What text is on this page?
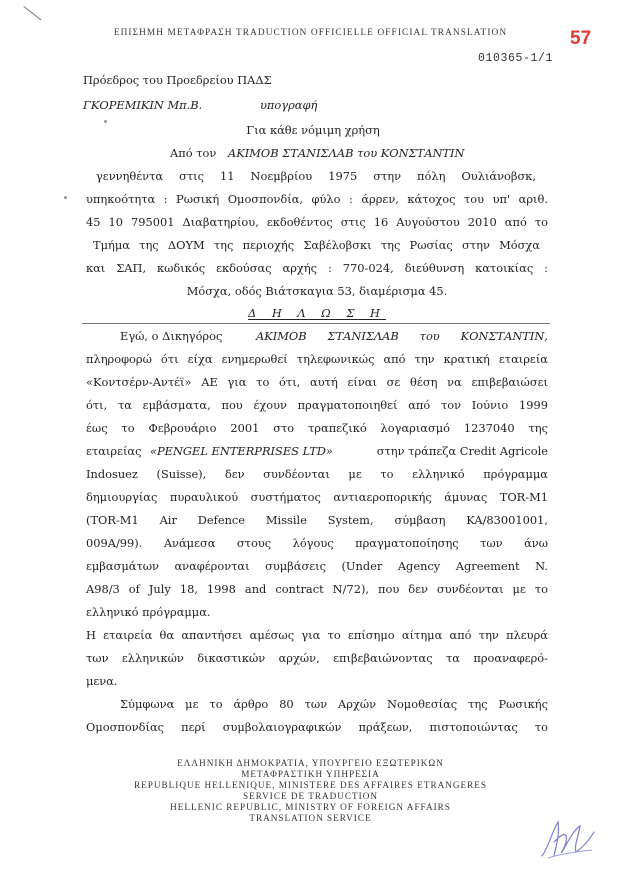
ΕΠΙΣΗΜΗ ΜΕΤΑΦΡΑΣΗ TRADUCTION OFFICIELLE OFFICIAL TRANSLATION	57
010365-1/1
Πρόεδρος του Προεδρείου ΠΑΔΣ
ΓΚΟΡΕΜΙΚΙΝ Μπ.Β.	υπογραφή
Για κάθε νόμιμη χρήση
Από τον ΑΚΙΜΟΒ ΣΤΑΝΙΣΛΑΒ του ΚΟΝΣΤΑΝΤΙΝ
γεννηθέντα στις 11 Νοεμβρίου 1975 στην πόλη Ουλιάνοβσκ,
υπηκοότητα : Ρωσική Ομοσπονδία, φύλο : άρρεν, κάτοχος του υπ' αριθ.
45 10 795001 Διαβατηρίου, εκδοθέντος στις 16 Αυγούστου 2010 από το
Τμήμα της ΔΟΥΜ της περιοχής Σαβέλοβσκι της Ρωσίας στην Μόσχα
και ΣΑΠ, κωδικός εκδούσας αρχής : 770-024, διεύθυνση κατοικίας :
Μόσχα, οδός Βιάτσκαγια 53, διαμέρισμα 45.
Δ Η Λ Ω Σ Η
Εγώ, ο Δικηγόρος	ΑΚΙΜΟΒ ΣΤΑΝΙΣΛΑΒ του ΚΟΝΣΤΑΝΤΙΝ,
πληροφορώ ότι είχα ενημερωθεί τηλεφωνικώς από την κρατική εταιρεία
«Κοντσέρν-Αντέϊ» ΑΕ για το ότι, αυτή είναι σε θέση να επιβεβαιώσει
ότι, τα εμβάσματα, που έχουν πραγματοποιηθεί από τον Ιούνιο 1999
έως το Φεβρουάριο 2001 στο τραπεζικό λογαριασμό 1237040 της
εταιρείας «PENGEL ENTERPRISES LTD»	στην τράπεζα Credit Agricole
Indosuez (Suisse), δεν συνδέονται με το ελληνικό πρόγραμμα
δημιουργίας πυραυλικού συστήματος αντιαεροπορικής άμυνας TOR-M1
(TOR-M1 Air Defence Missile System, σύμβαση KA/83001001,
009A/99). Ανάμεσα στους λόγους πραγματοποίησης των άνω
εμβασμάτων αναφέρονται συμβάσεις (Under Agency Agreement N.
A98/3 of July 18, 1998 and contract N/72), που δεν συνδέονται με το
ελληνικό πρόγραμμα.
Η εταιρεία θα απαντήσει αμέσως για το επίσημο αίτημα από την πλευρά
των ελληνικών δικαστικών αρχών, επιβεβαιώνοντας τα προαναφερό-
μενα.
Σύμφωνα με το άρθρο 80 των Αρχών Νομοθεσίας της Ρωσικής
Ομοσπονδίας περί συμβολαιογραφικών πράξεων, πιστοποιώντας το
ΕΛΛΗΝΙΚΗ ΔΗΜΟΚΡΑΤΙΑ, ΥΠΟΥΡΓΕΙΟ ΕΞΩΤΕΡΙΚΩΝ
ΜΕΤΑΦΡΑΣΤΙΚΗ ΥΠΗΡΕΣΙΑ
REPUBLIQUE HELLENIQUE, MINISTERE DES AFFAIRES ETRANGERES
SERVICE DE TRADUCTION
HELLENIC REPUBLIC, MINISTRY OF FOREIGN AFFAIRS
TRANSLATION SERVICE
